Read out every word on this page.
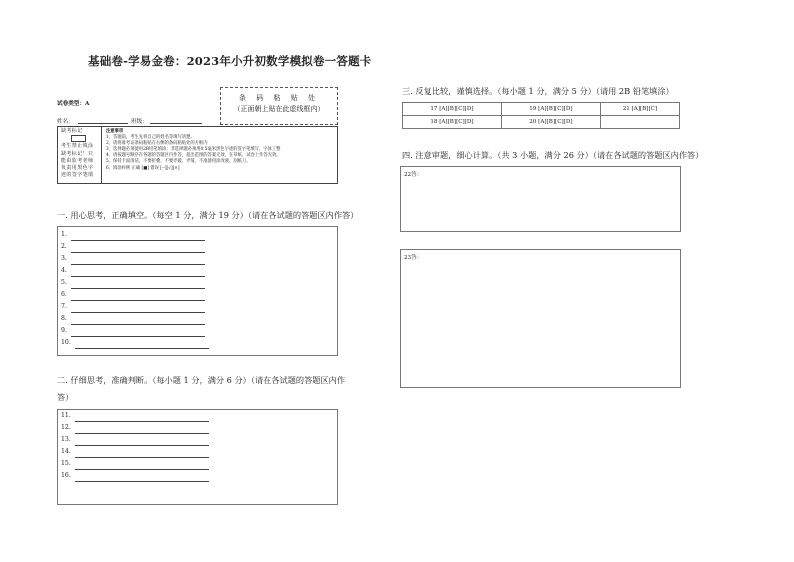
基础卷-学易金卷：2023年小升初数学模拟卷一答题卡
试卷类型：A
姓名：	班级：
条 码 粘 贴 处
（正面朝上贴在此虚线框内）
缺考标记
考生禁止填涂
缺考标记！只
能由监考老师
负责用黑色字
迹的签字笔填
注意事项
1、答题前，考生先将自己的姓名等填写清楚。
2、请将准考证条码粘贴在右侧的条码粘贴处的方框内
3、选择题必须使用2B铅笔填涂；非选择题必须用0.5毫米黑色字迹的签字笔填写，字体工整
4、请按题号顺序在各题的答题区内作答，超出范围的答案无效，在草纸、试卷上作答无效。
5、保持卡面清洁，不要折叠、不要弄破、弄皱，不准使用涂改液、刮纸刀。
6、填涂样例 正确 [■] 错误 [--][√][×]
一. 用心思考，正确填空。（每空 1 分，满分 19 分）（请在各试题的答题区内作答）
1.
2.
3.
4.
5.
6.
7.
8.
9.
10.
二. 仔细思考，准确判断。（每小题 1 分，满分 6 分）（请在各试题的答题区内作
答）
11.
12.
13.
14.
15.
16.
三. 反复比较，谨慎选择。（每小题 1 分，满分 5 分）（请用 2B 铅笔填涂）
17 [A][B][C][D]	19 [A][B][C][D]	21 [A][B][C]
18 [A][B][C][D]	20 [A][B][C][D]	
四. 注意审题，细心计算。（共 3 小题，满分 26 分）（请在各试题的答题区内作答）
22答：
23答：
